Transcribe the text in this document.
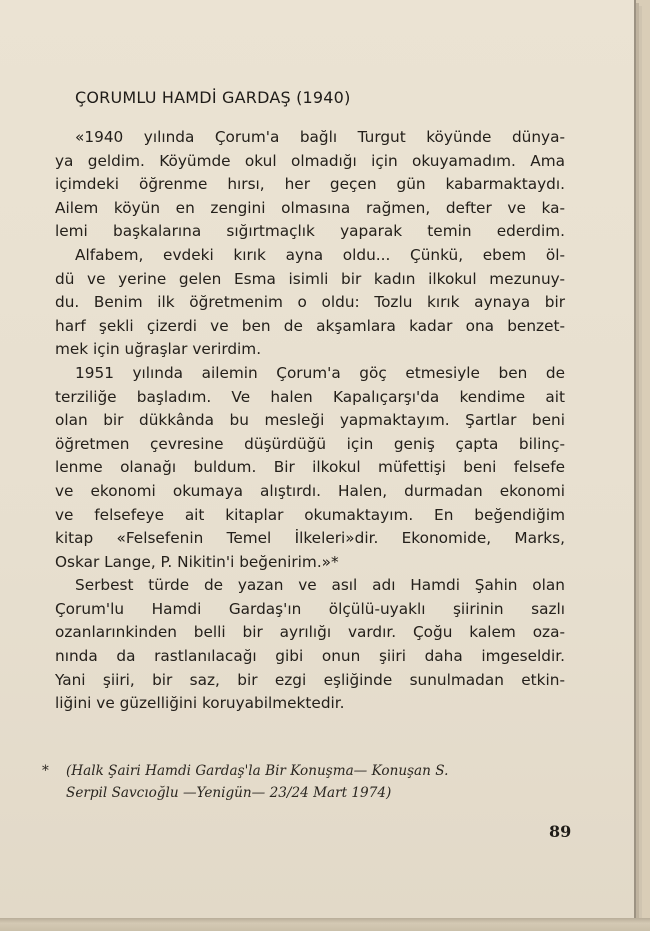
ÇORUMLU HAMDİ GARDAŞ (1940)
«1940 yılında Çorum'a bağlı Turgut köyünde dünya-
ya geldim. Köyümde okul olmadığı için okuyamadım. Ama
içimdeki öğrenme hırsı, her geçen gün kabarmaktaydı.
Ailem köyün en zengini olmasına rağmen, defter ve ka-
lemi başkalarına sığırtmaçlık yaparak temin ederdim.
Alfabem, evdeki kırık ayna oldu... Çünkü, ebem öl-
dü ve yerine gelen Esma isimli bir kadın ilkokul mezunuy-
du. Benim ilk öğretmenim o oldu: Tozlu kırık aynaya bir
harf şekli çizerdi ve ben de akşamlara kadar ona benzet-
mek için uğraşlar verirdim.
1951 yılında ailemin Çorum'a göç etmesiyle ben de
terziliğe başladım. Ve halen Kapalıçarşı'da kendime ait
olan bir dükkânda bu mesleği yapmaktayım. Şartlar beni
öğretmen çevresine düşürdüğü için geniş çapta bilinç-
lenme olanağı buldum. Bir ilkokul müfettişi beni felsefe
ve ekonomi okumaya alıştırdı. Halen, durmadan ekonomi
ve felsefeye ait kitaplar okumaktayım. En beğendiğim
kitap «Felsefenin Temel İlkeleri»dir. Ekonomide, Marks,
Oskar Lange, P. Nikitin'i beğenirim.»*
Serbest türde de yazan ve asıl adı Hamdi Şahin olan
Çorum'lu Hamdi Gardaş'ın ölçülü-uyaklı şiirinin sazlı
ozanlarınkinden belli bir ayrılığı vardır. Çoğu kalem oza-
nında da rastlanılacağı gibi onun şiiri daha imgeseldir.
Yani şiiri, bir saz, bir ezgi eşliğinde sunulmadan etkin-
liğini ve güzelliğini koruyabilmektedir.
* (Halk Şairi Hamdi Gardaş'la Bir Konuşma— Konuşan S.
Serpil Savcıoğlu —Yenigün— 23/24 Mart 1974)
89
